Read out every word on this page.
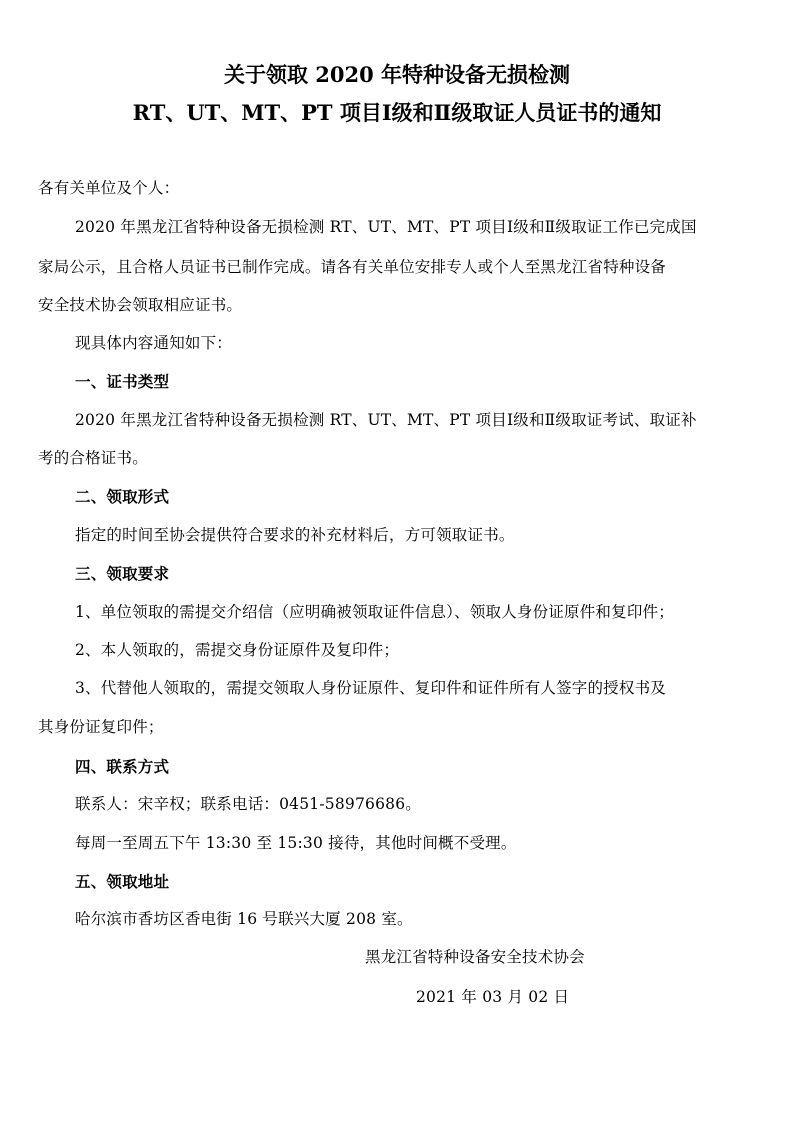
关于领取 2020 年特种设备无损检测
RT、UT、MT、PT 项目Ⅰ级和Ⅱ级取证人员证书的通知
各有关单位及个人：
2020 年黑龙江省特种设备无损检测 RT、UT、MT、PT 项目Ⅰ级和Ⅱ级取证工作已完成国
家局公示，且合格人员证书已制作完成。请各有关单位安排专人或个人至黑龙江省特种设备
安全技术协会领取相应证书。
现具体内容通知如下：
一、证书类型
2020 年黑龙江省特种设备无损检测 RT、UT、MT、PT 项目Ⅰ级和Ⅱ级取证考试、取证补
考的合格证书。
二、领取形式
指定的时间至协会提供符合要求的补充材料后，方可领取证书。
三、领取要求
1、单位领取的需提交介绍信（应明确被领取证件信息）、领取人身份证原件和复印件；
2、本人领取的，需提交身份证原件及复印件；
3、代替他人领取的，需提交领取人身份证原件、复印件和证件所有人签字的授权书及
其身份证复印件；
四、联系方式
联系人：宋辛权；联系电话：0451-58976686。
每周一至周五下午 13:30 至 15:30 接待，其他时间概不受理。
五、领取地址
哈尔滨市香坊区香电街 16 号联兴大厦 208 室。
黑龙江省特种设备安全技术协会
2021 年 03 月 02 日
